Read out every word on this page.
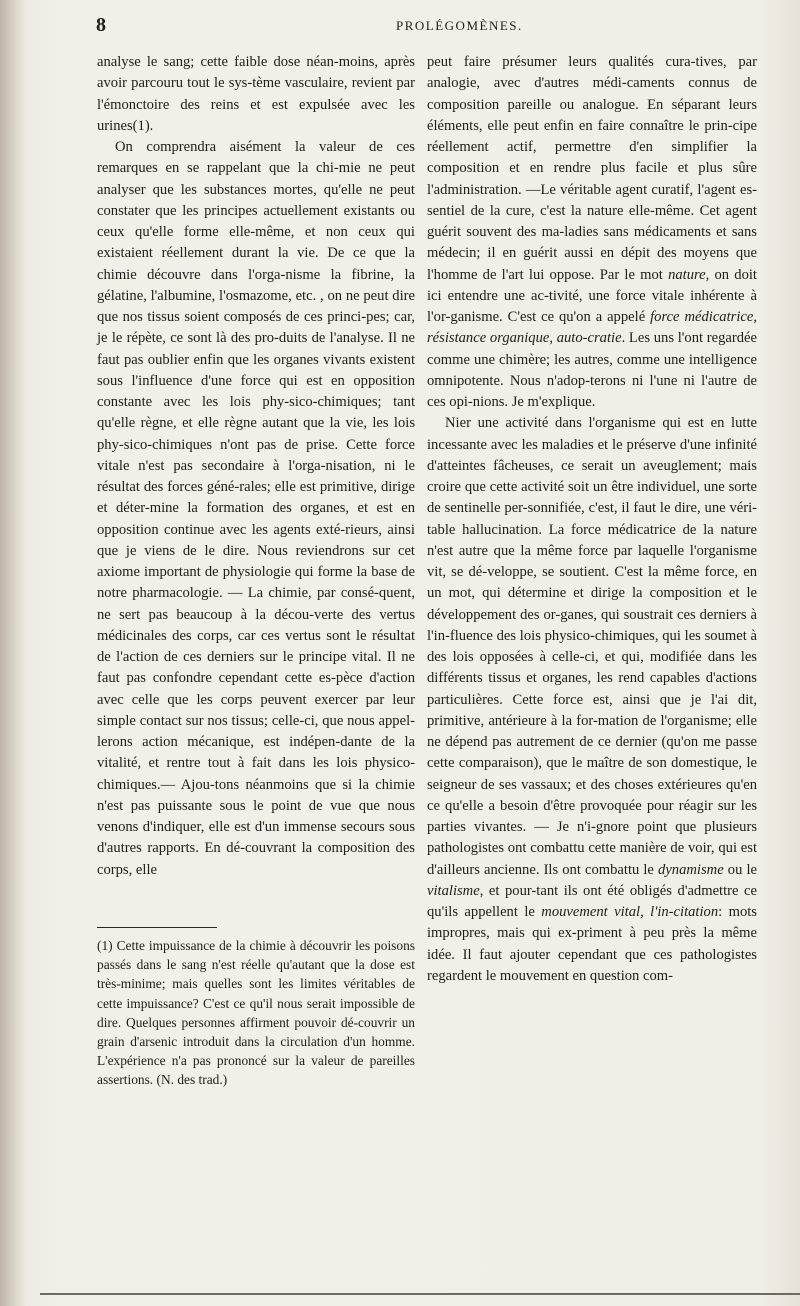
8	PROLÉGOMÈNES.

analyse le sang; cette faible dose néan-moins, après avoir parcouru tout le sys-tème vasculaire, revient par l'émonctoire des reins et est expulsée avec les urines(1).

On comprendra aisément la valeur de ces remarques en se rappelant que la chi-mie ne peut analyser que les substances mortes, qu'elle ne peut constater que les principes actuellement existants ou ceux qu'elle forme elle-même, et non ceux qui existaient réellement durant la vie. De ce que la chimie découvre dans l'orga-nisme la fibrine, la gélatine, l'albumine, l'osmazome, etc. , on ne peut dire que nos tissus soient composés de ces princi-pes; car, je le répète, ce sont là des pro-duits de l'analyse. Il ne faut pas oublier enfin que les organes vivants existent sous l'influence d'une force qui est en opposition constante avec les lois phy-sico-chimiques; tant qu'elle règne, et elle règne autant que la vie, les lois phy-sico-chimiques n'ont pas de prise. Cette force vitale n'est pas secondaire à l'orga-nisation, ni le résultat des forces géné-rales; elle est primitive, dirige et déter-mine la formation des organes, et est en opposition continue avec les agents exté-rieurs, ainsi que je viens de le dire. Nous reviendrons sur cet axiome important de physiologie qui forme la base de notre pharmacologie. — La chimie, par consé-quent, ne sert pas beaucoup à la décou-verte des vertus médicinales des corps, car ces vertus sont le résultat de l'action de ces derniers sur le principe vital. Il ne faut pas confondre cependant cette es-pèce d'action avec celle que les corps peuvent exercer par leur simple contact sur nos tissus; celle-ci, que nous appel-lerons action mécanique, est indépen-dante de la vitalité, et rentre tout à fait dans les lois physico-chimiques.— Ajou-tons néanmoins que si la chimie n'est pas puissante sous le point de vue que nous venons d'indiquer, elle est d'un immense secours sous d'autres rapports. En dé-couvrant la composition des corps, elle

(1) Cette impuissance de la chimie à découvrir les poisons passés dans le sang n'est réelle qu'autant que la dose est très-minime; mais quelles sont les limites véritables de cette impuissance? C'est ce qu'il nous serait impossible de dire. Quelques personnes affirment pouvoir dé-couvrir un grain d'arsenic introduit dans la circulation d'un homme. L'expérience n'a pas prononcé sur la valeur de pareilles assertions. (N. des trad.)

peut faire présumer leurs qualités cura-tives, par analogie, avec d'autres médi-caments connus de composition pareille ou analogue. En séparant leurs éléments, elle peut enfin en faire connaître le prin-cipe réellement actif, permettre d'en simplifier la composition et en rendre plus facile et plus sûre l'administration. —Le véritable agent curatif, l'agent es-sentiel de la cure, c'est la nature elle-même. Cet agent guérit souvent des ma-ladies sans médicaments et sans médecin; il en guérit aussi en dépit des moyens que l'homme de l'art lui oppose. Par le mot nature, on doit ici entendre une ac-tivité, une force vitale inhérente à l'or-ganisme. C'est ce qu'on a appelé force médicatrice, résistance organique, auto-cratie. Les uns l'ont regardée comme une chimère; les autres, comme une intelligence omnipotente. Nous n'adop-terons ni l'une ni l'autre de ces opi-nions. Je m'explique.

Nier une activité dans l'organisme qui est en lutte incessante avec les maladies et le préserve d'une infinité d'atteintes fâcheuses, ce serait un aveuglement; mais croire que cette activité soit un être individuel, une sorte de sentinelle per-sonnifiée, c'est, il faut le dire, une véri-table hallucination. La force médicatrice de la nature n'est autre que la même force par laquelle l'organisme vit, se dé-veloppe, se soutient. C'est la même force, en un mot, qui détermine et dirige la composition et le développement des or-ganes, qui soustrait ces derniers à l'in-fluence des lois physico-chimiques, qui les soumet à des lois opposées à celle-ci, et qui, modifiée dans les différents tissus et organes, les rend capables d'actions particulières. Cette force est, ainsi que je l'ai dit, primitive, antérieure à la for-mation de l'organisme; elle ne dépend pas autrement de ce dernier (qu'on me passe cette comparaison), que le maître de son domestique, le seigneur de ses vassaux; et des choses extérieures qu'en ce qu'elle a besoin d'être provoquée pour réagir sur les parties vivantes. — Je n'i-gnore point que plusieurs pathologistes ont combattu cette manière de voir, qui est d'ailleurs ancienne. Ils ont combattu le dynamisme ou le vitalisme, et pour-tant ils ont été obligés d'admettre ce qu'ils appellent le mouvement vital, l'in-citation: mots impropres, mais qui ex-priment à peu près la même idée. Il faut ajouter cependant que ces pathologistes regardent le mouvement en question com-
